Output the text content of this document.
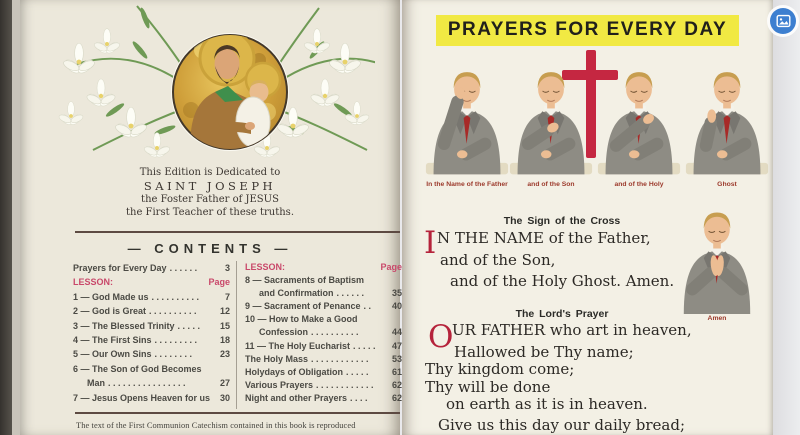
This Edition is Dedicated to
SAINT JOSEPH
the Foster Father of JESUS
the First Teacher of these truths.
— CONTENTS —
Prayers for Every Day ......	3
LESSON:	Page
1 — God Made us ..........	7
2 — God is Great ..........	12
3 — The Blessed Trinity .....	15
4 — The First Sins .........	18
5 — Our Own Sins ........	23
6 — The Son of God Becomes
Man ................	27
7 — Jesus Opens Heaven for us 30
LESSON:	Page
8 — Sacraments of Baptism
and Confirmation ......	35
9 — Sacrament of Penance ..	40
10 — How to Make a Good
Confession ..........	44
11 — The Holy Eucharist .....	47
The Holy Mass ............	53
Holydays of Obligation .....	61
Various Prayers ............	62
Night and other Prayers ....	62
The text of the First Communion Catechism contained in this book is reproduced
PRAYERS FOR EVERY DAY
In the Name of the Father	and of the Son	and of the Holy	Ghost
The Sign of the Cross
I N THE NAME of the Father,
and of the Son,
and of the Holy Ghost. Amen.
Amen
The Lord's Prayer
O
UR FATHER who art in heaven,
Hallowed be Thy name;
Thy kingdom come;
Thy will be done
on earth as it is in heaven.
Give us this day our daily bread;
